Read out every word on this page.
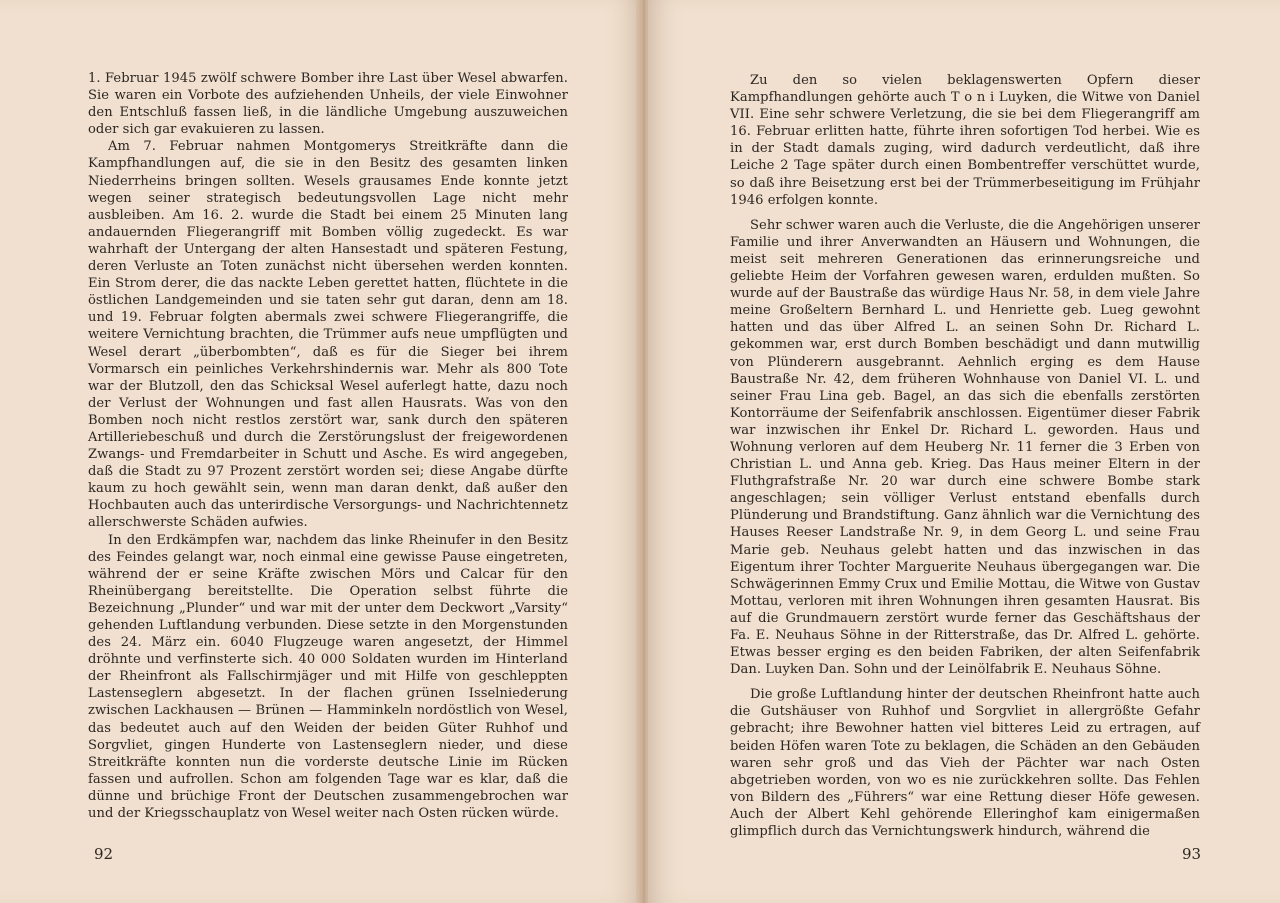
1. Februar 1945 zwölf schwere Bomber ihre Last über Wesel abwarfen. Sie waren ein Vorbote des aufziehenden Unheils, der viele Einwohner den Entschluß fassen ließ, in die ländliche Umgebung auszuweichen oder sich gar evakuieren zu lassen.

Am 7. Februar nahmen Montgomerys Streitkräfte dann die Kampfhandlungen auf, die sie in den Besitz des gesamten linken Niederrheins bringen sollten. Wesels grausames Ende konnte jetzt wegen seiner strategisch bedeutungsvollen Lage nicht mehr ausbleiben. Am 16. 2. wurde die Stadt bei einem 25 Minuten lang andauernden Fliegerangriff mit Bomben völlig zugedeckt. Es war wahrhaft der Untergang der alten Hansestadt und späteren Festung, deren Verluste an Toten zunächst nicht übersehen werden konnten. Ein Strom derer, die das nackte Leben gerettet hatten, flüchtete in die östlichen Landgemeinden und sie taten sehr gut daran, denn am 18. und 19. Februar folgten abermals zwei schwere Fliegerangriffe, die weitere Vernichtung brachten, die Trümmer aufs neue umpflügten und Wesel derart „überbombten“, daß es für die Sieger bei ihrem Vormarsch ein peinliches Verkehrshindernis war. Mehr als 800 Tote war der Blutzoll, den das Schicksal Wesel auferlegt hatte, dazu noch der Verlust der Wohnungen und fast allen Hausrats. Was von den Bomben noch nicht restlos zerstört war, sank durch den späteren Artilleriebeschuß und durch die Zerstörungslust der freigewordenen Zwangs- und Fremdarbeiter in Schutt und Asche. Es wird angegeben, daß die Stadt zu 97 Prozent zerstört worden sei; diese Angabe dürfte kaum zu hoch gewählt sein, wenn man daran denkt, daß außer den Hochbauten auch das unterirdische Versorgungs- und Nachrichtennetz allerschwerste Schäden aufwies.

In den Erdkämpfen war, nachdem das linke Rheinufer in den Besitz des Feindes gelangt war, noch einmal eine gewisse Pause eingetreten, während der er seine Kräfte zwischen Mörs und Calcar für den Rheinübergang bereitstellte. Die Operation selbst führte die Bezeichnung „Plunder“ und war mit der unter dem Deckwort „Varsity“ gehenden Luftlandung verbunden. Diese setzte in den Morgenstunden des 24. März ein. 6040 Flugzeuge waren angesetzt, der Himmel dröhnte und verfinsterte sich. 40 000 Soldaten wurden im Hinterland der Rheinfront als Fallschirmjäger und mit Hilfe von geschleppten Lastenseglern abgesetzt. In der flachen grünen Isselniederung zwischen Lackhausen — Brünen — Hamminkeln nordöstlich von Wesel, das bedeutet auch auf den Weiden der beiden Güter Ruhhof und Sorgvliet, gingen Hunderte von Lastenseglern nieder, und diese Streitkräfte konnten nun die vorderste deutsche Linie im Rücken fassen und aufrollen. Schon am folgenden Tage war es klar, daß die dünne und brüchige Front der Deutschen zusammengebrochen war und der Kriegsschauplatz von Wesel weiter nach Osten rücken würde.

92

Zu den so vielen beklagenswerten Opfern dieser Kampfhandlungen gehörte auch T o n i Luyken, die Witwe von Daniel VII. Eine sehr schwere Verletzung, die sie bei dem Fliegerangriff am 16. Februar erlitten hatte, führte ihren sofortigen Tod herbei. Wie es in der Stadt damals zuging, wird dadurch verdeutlicht, daß ihre Leiche 2 Tage später durch einen Bombentreffer verschüttet wurde, so daß ihre Beisetzung erst bei der Trümmerbeseitigung im Frühjahr 1946 erfolgen konnte.

Sehr schwer waren auch die Verluste, die die Angehörigen unserer Familie und ihrer Anverwandten an Häusern und Wohnungen, die meist seit mehreren Generationen das erinnerungsreiche und geliebte Heim der Vorfahren gewesen waren, erdulden mußten. So wurde auf der Baustraße das würdige Haus Nr. 58, in dem viele Jahre meine Großeltern Bernhard L. und Henriette geb. Lueg gewohnt hatten und das über Alfred L. an seinen Sohn Dr. Richard L. gekommen war, erst durch Bomben beschädigt und dann mutwillig von Plünderern ausgebrannt. Aehnlich erging es dem Hause Baustraße Nr. 42, dem früheren Wohnhause von Daniel VI. L. und seiner Frau Lina geb. Bagel, an das sich die ebenfalls zerstörten Kontorräume der Seifenfabrik anschlossen. Eigentümer dieser Fabrik war inzwischen ihr Enkel Dr. Richard L. geworden. Haus und Wohnung verloren auf dem Heuberg Nr. 11 ferner die 3 Erben von Christian L. und Anna geb. Krieg. Das Haus meiner Eltern in der Fluthgrafstraße Nr. 20 war durch eine schwere Bombe stark angeschlagen; sein völliger Verlust entstand ebenfalls durch Plünderung und Brandstiftung. Ganz ähnlich war die Vernichtung des Hauses Reeser Landstraße Nr. 9, in dem Georg L. und seine Frau Marie geb. Neuhaus gelebt hatten und das inzwischen in das Eigentum ihrer Tochter Marguerite Neuhaus übergegangen war. Die Schwägerinnen Emmy Crux und Emilie Mottau, die Witwe von Gustav Mottau, verloren mit ihren Wohnungen ihren gesamten Hausrat. Bis auf die Grundmauern zerstört wurde ferner das Geschäftshaus der Fa. E. Neuhaus Söhne in der Ritterstraße, das Dr. Alfred L. gehörte. Etwas besser erging es den beiden Fabriken, der alten Seifenfabrik Dan. Luyken Dan. Sohn und der Leinölfabrik E. Neuhaus Söhne.

Die große Luftlandung hinter der deutschen Rheinfront hatte auch die Gutshäuser von Ruhhof und Sorgvliet in allergrößte Gefahr gebracht; ihre Bewohner hatten viel bitteres Leid zu ertragen, auf beiden Höfen waren Tote zu beklagen, die Schäden an den Gebäuden waren sehr groß und das Vieh der Pächter war nach Osten abgetrieben worden, von wo es nie zurückkehren sollte. Das Fehlen von Bildern des „Führers“ war eine Rettung dieser Höfe gewesen. Auch der Albert Kehl gehörende Elleringhof kam einigermaßen glimpflich durch das Vernichtungswerk hindurch, während die

93
